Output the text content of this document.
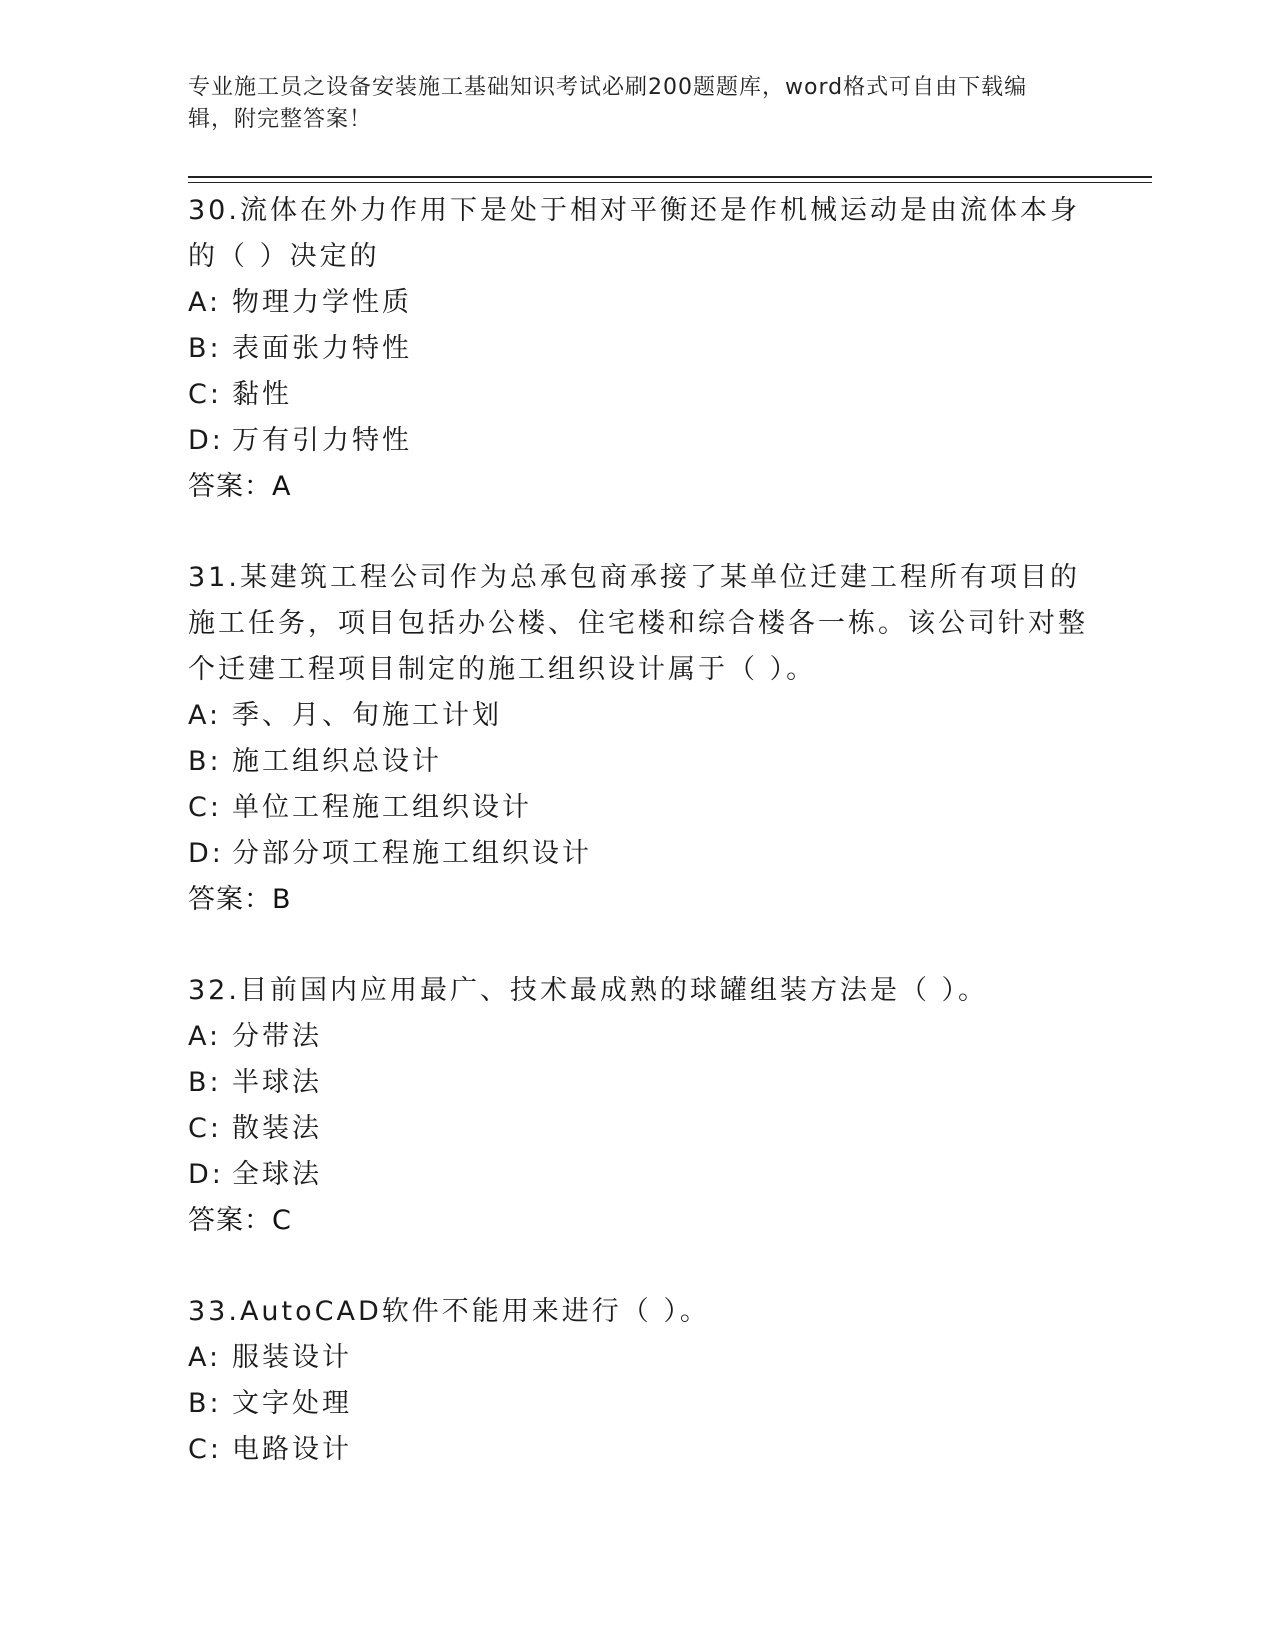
专业施工员之设备安装施工基础知识考试必刷200题题库，word格式可自由下载编辑，附完整答案！
30.流体在外力作用下是处于相对平衡还是作机械运动是由流体本身的（ ）决定的
A: 物理力学性质
B: 表面张力特性
C: 黏性
D: 万有引力特性
答案：A
31.某建筑工程公司作为总承包商承接了某单位迁建工程所有项目的施工任务，项目包括办公楼、住宅楼和综合楼各一栋。该公司针对整个迁建工程项目制定的施工组织设计属于（ ）。
A: 季、月、旬施工计划
B: 施工组织总设计
C: 单位工程施工组织设计
D: 分部分项工程施工组织设计
答案：B
32.目前国内应用最广、技术最成熟的球罐组装方法是（ ）。
A: 分带法
B: 半球法
C: 散装法
D: 全球法
答案：C
33.AutoCAD软件不能用来进行（ ）。
A: 服装设计
B: 文字处理
C: 电路设计
